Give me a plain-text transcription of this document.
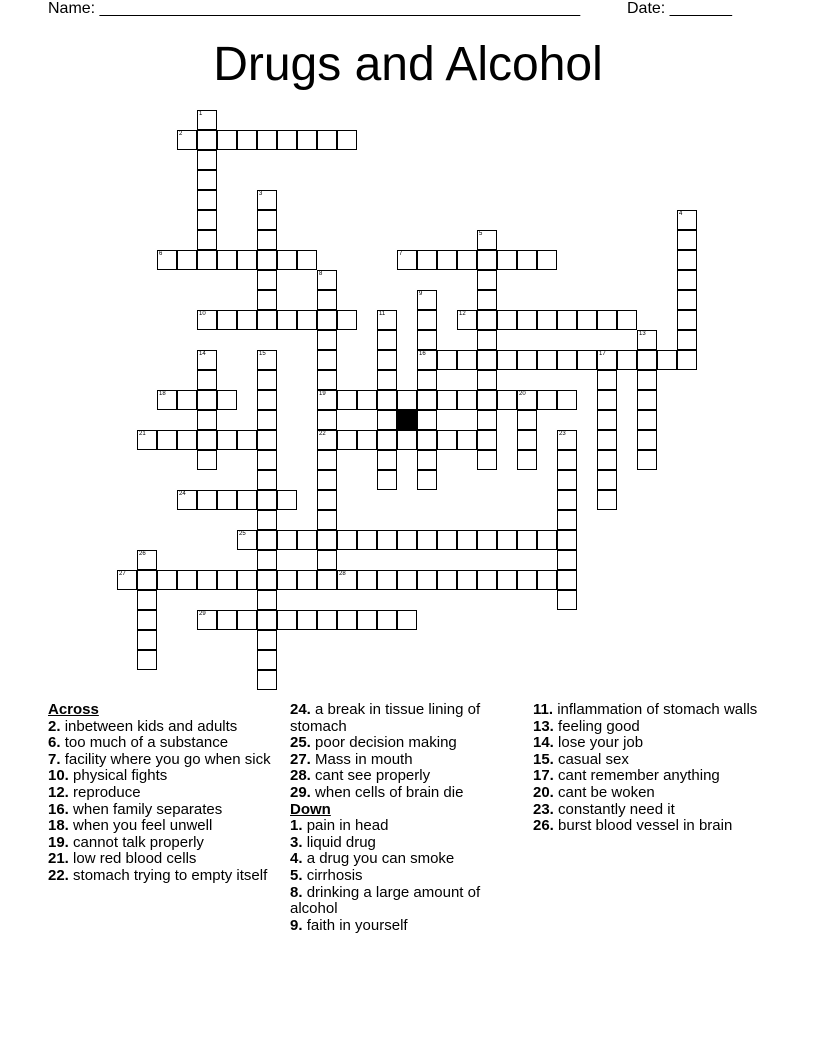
Name: ______________________________________________________	Date: _______
Drugs and Alcohol
2
6	7
10	12
16	17
18	19	20
21	22
24
25
27	28
29
1
3
4
5
8
9
11
13
14	15
23
26
Across
2. inbetween kids and adults
6. too much of a substance
7. facility where you go when sick
10. physical fights
12. reproduce
16. when family separates
18. when you feel unwell
19. cannot talk properly
21. low red blood cells
22. stomach trying to empty itself
24. a break in tissue lining of stomach
25. poor decision making
27. Mass in mouth
28. cant see properly
29. when cells of brain die
Down
1. pain in head
3. liquid drug
4. a drug you can smoke
5. cirrhosis
8. drinking a large amount of alcohol
9. faith in yourself
11. inflammation of stomach walls
13. feeling good
14. lose your job
15. casual sex
17. cant remember anything
20. cant be woken
23. constantly need it
26. burst blood vessel in brain
